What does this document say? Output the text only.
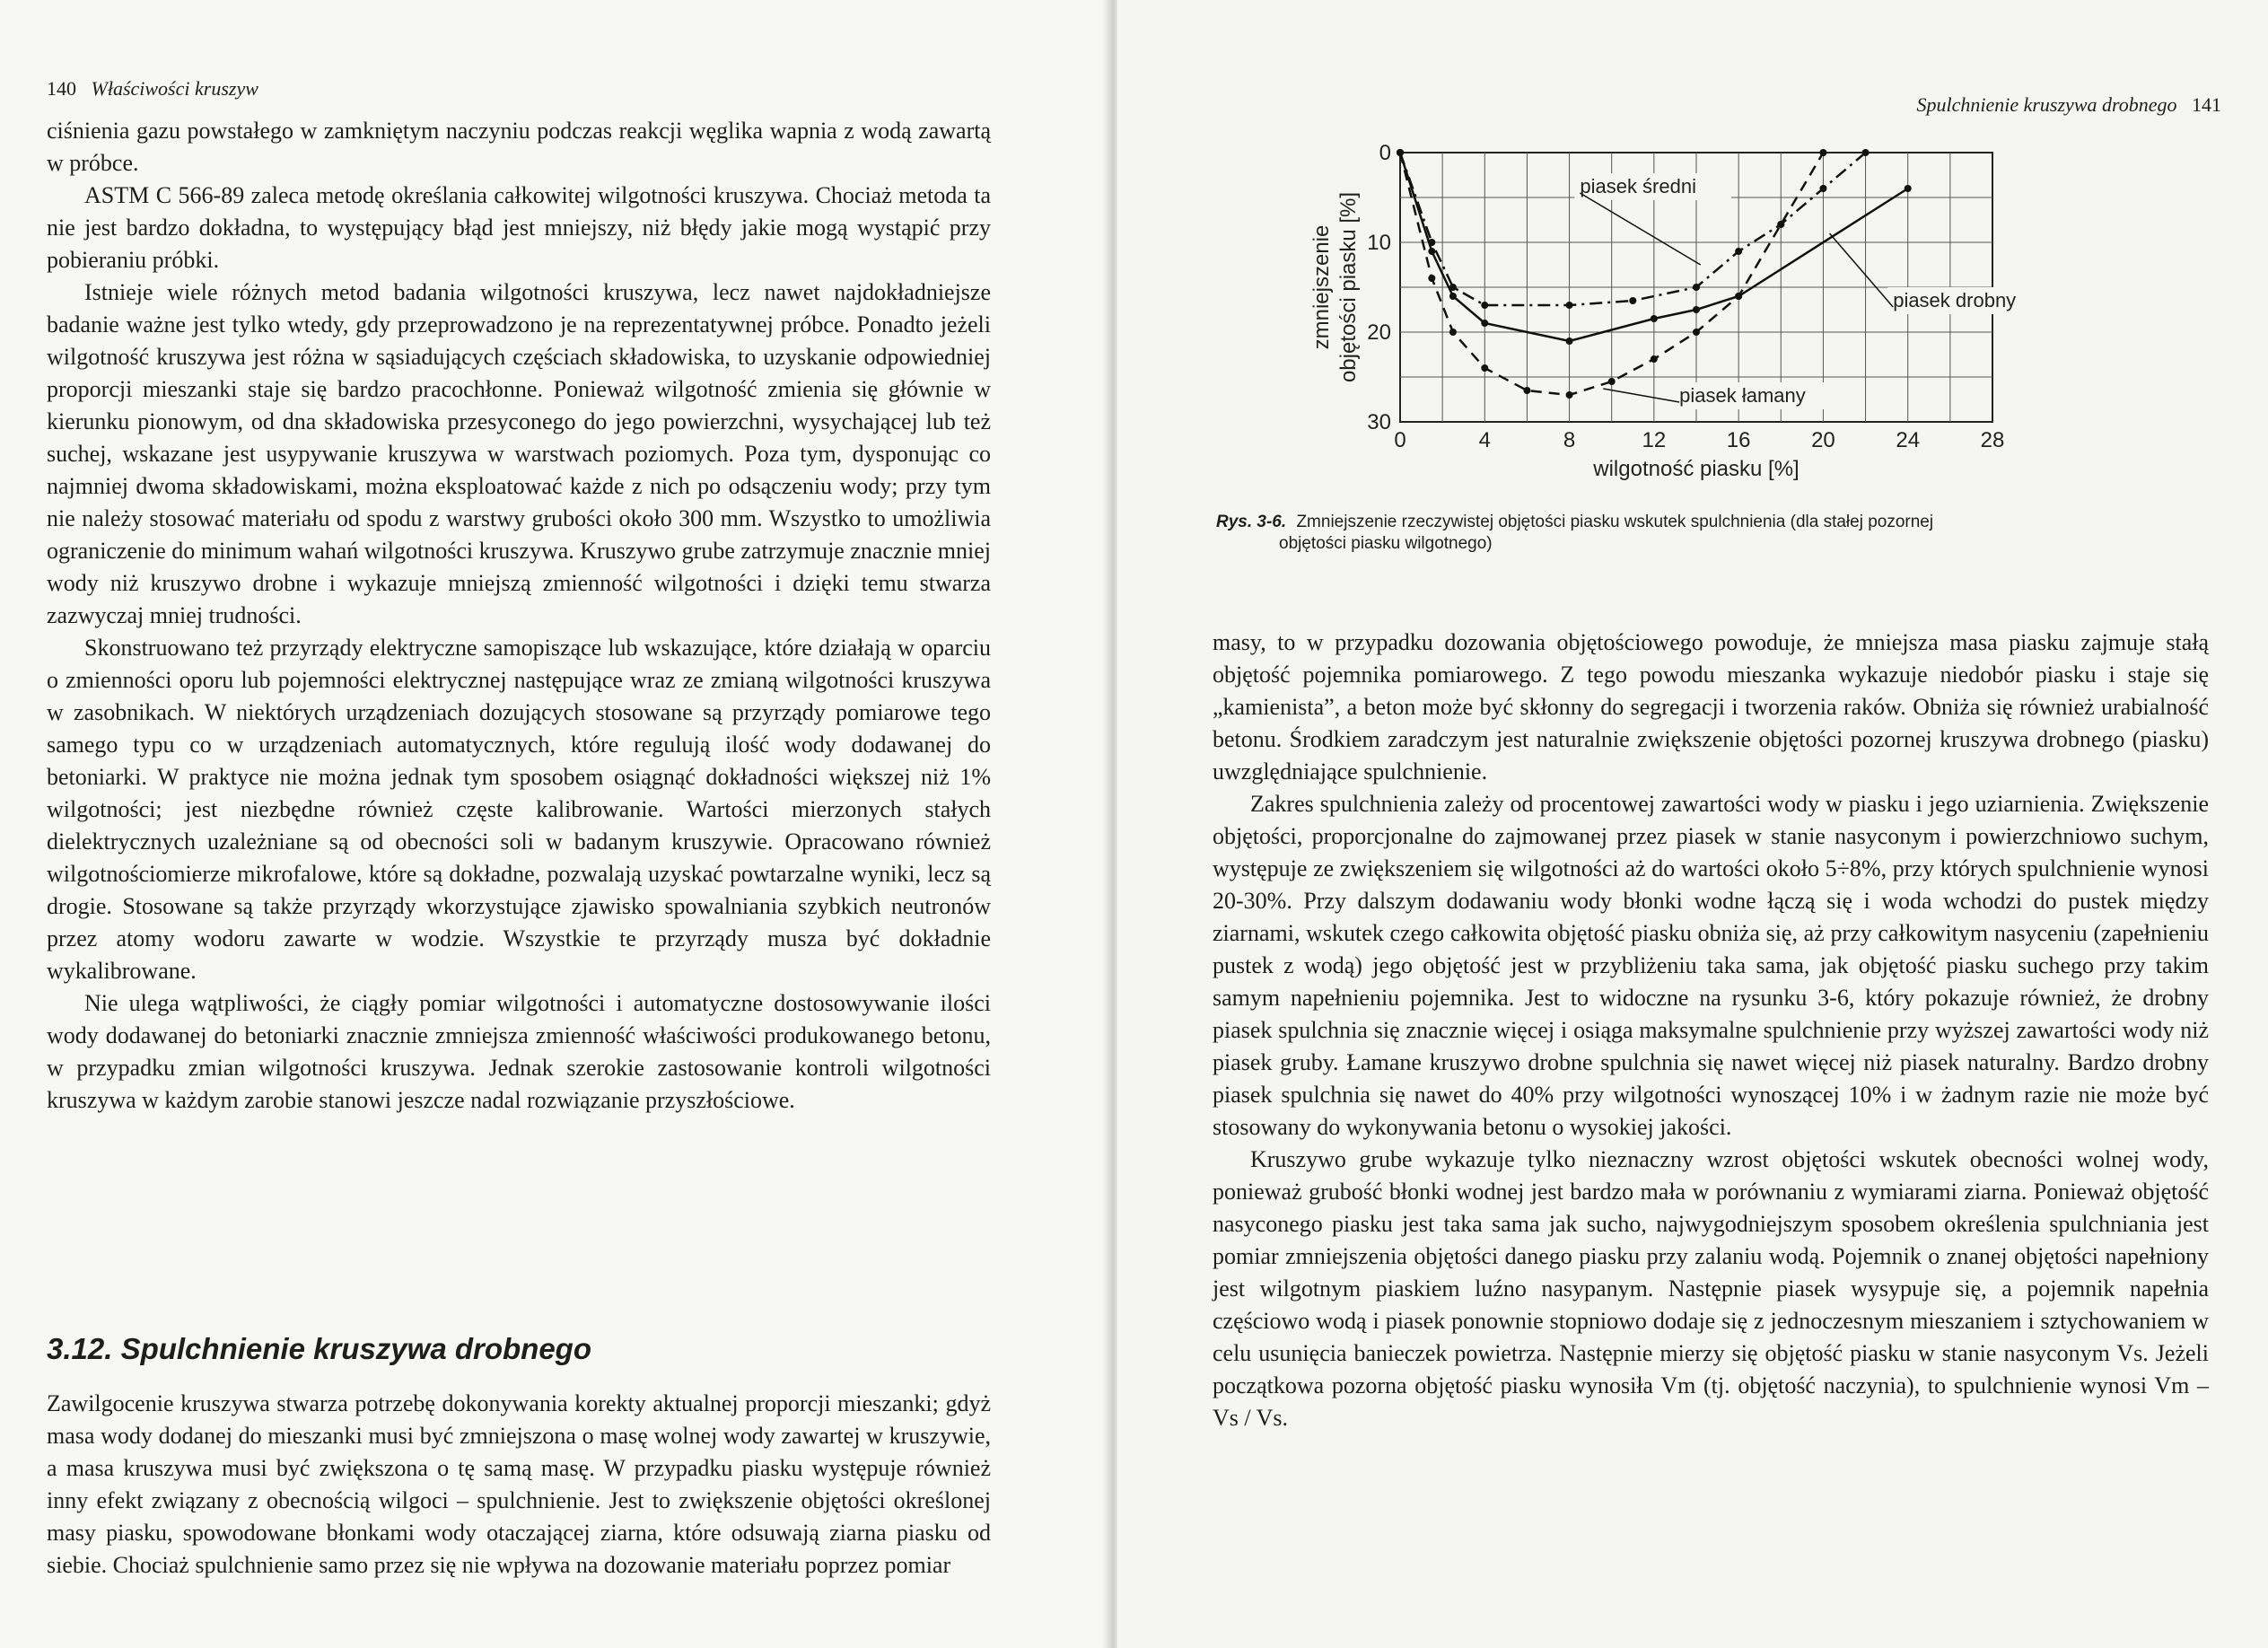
140 Właściwości kruszyw

ciśnienia gazu powstałego w zamkniętym naczyniu podczas reakcji węglika wapnia z wodą zawartą w próbce.

ASTM C 566-89 zaleca metodę określania całkowitej wilgotności kruszywa. Chociaż metoda ta nie jest bardzo dokładna, to występujący błąd jest mniejszy, niż błędy jakie mogą wystąpić przy pobieraniu próbki.

Istnieje wiele różnych metod badania wilgotności kruszywa, lecz nawet najdokładniejsze badanie ważne jest tylko wtedy, gdy przeprowadzono je na reprezentatywnej próbce. Ponadto jeżeli wilgotność kruszywa jest różna w sąsiadujących częściach składowiska, to uzyskanie odpowiedniej proporcji mieszanki staje się bardzo pracochłonne. Ponieważ wilgotność zmienia się głównie w kierunku pionowym, od dna składowiska przesyconego do jego powierzchni, wysychającej lub też suchej, wskazane jest usypywanie kruszywa w warstwach poziomych. Poza tym, dysponując co najmniej dwoma składowiskami, można eksploatować każde z nich po odsączeniu wody; przy tym nie należy stosować materiału od spodu z warstwy grubości około 300 mm. Wszystko to umożliwia ograniczenie do minimum wahań wilgotności kruszywa. Kruszywo grube zatrzymuje znacznie mniej wody niż kruszywo drobne i wykazuje mniejszą zmienność wilgotności i dzięki temu stwarza zazwyczaj mniej trudności.

Skonstruowano też przyrządy elektryczne samopiszące lub wskazujące, które działają w oparciu o zmienności oporu lub pojemności elektrycznej następujące wraz ze zmianą wilgotności kruszywa w zasobnikach. W niektórych urządzeniach dozujących stosowane są przyrządy pomiarowe tego samego typu co w urządzeniach automatycznych, które regulują ilość wody dodawanej do betoniarki. W praktyce nie można jednak tym sposobem osiągnąć dokładności większej niż 1% wilgotności; jest niezbędne również częste kalibrowanie. Wartości mierzonych stałych dielektrycznych uzależniane są od obecności soli w badanym kruszywie. Opracowano również wilgotnościomierze mikrofalowe, które są dokładne, pozwalają uzyskać powtarzalne wyniki, lecz są drogie. Stosowane są także przyrządy wkorzystujące zjawisko spowalniania szybkich neutronów przez atomy wodoru zawarte w wodzie. Wszystkie te przyrządy musza być dokładnie wykalibrowane.

Nie ulega wątpliwości, że ciągły pomiar wilgotności i automatyczne dostosowywanie ilości wody dodawanej do betoniarki znacznie zmniejsza zmienność właściwości produkowanego betonu, w przypadku zmian wilgotności kruszywa. Jednak szerokie zastosowanie kontroli wilgotności kruszywa w każdym zarobie stanowi jeszcze nadal rozwiązanie przyszłościowe.

3.12. Spulchnienie kruszywa drobnego

Zawilgocenie kruszywa stwarza potrzebę dokonywania korekty aktualnej proporcji mieszanki; gdyż masa wody dodanej do mieszanki musi być zmniejszona o masę wolnej wody zawartej w kruszywie, a masa kruszywa musi być zwiększona o tę samą masę. W przypadku piasku występuje również inny efekt związany z obecnością wilgoci – spulchnienie. Jest to zwiększenie objętości określonej masy piasku, spowodowane błonkami wody otaczającej ziarna, które odsuwają ziarna piasku od siebie. Chociaż spulchnienie samo przez się nie wpływa na dozowanie materiału poprzez pomiar

Spulchnienie kruszywa drobnego 141
Rys. 3-6. Zmniejszenie rzeczywistej objętości piasku wskutek spulchnienia (dla stałej pozornej
objętości piasku wilgotnego)

masy, to w przypadku dozowania objętościowego powoduje, że mniejsza masa piasku zajmuje stałą objętość pojemnika pomiarowego. Z tego powodu mieszanka wykazuje niedobór piasku i staje się „kamienista”, a beton może być skłonny do segregacji i tworzenia raków. Obniża się również urabialność betonu. Środkiem zaradczym jest naturalnie zwiększenie objętości pozornej kruszywa drobnego (piasku) uwzględniające spulchnienie.

Zakres spulchnienia zależy od procentowej zawartości wody w piasku i jego uziarnienia. Zwiększenie objętości, proporcjonalne do zajmowanej przez piasek w stanie nasyconym i powierzchniowo suchym, występuje ze zwiększeniem się wilgotności aż do wartości około 5÷8%, przy których spulchnienie wynosi 20-30%. Przy dalszym dodawaniu wody błonki wodne łączą się i woda wchodzi do pustek między ziarnami, wskutek czego całkowita objętość piasku obniża się, aż przy całkowitym nasyceniu (zapełnieniu pustek z wodą) jego objętość jest w przybliżeniu taka sama, jak objętość piasku suchego przy takim samym napełnieniu pojemnika. Jest to widoczne na rysunku 3-6, który pokazuje również, że drobny piasek spulchnia się znacznie więcej i osiąga maksymalne spulchnienie przy wyższej zawartości wody niż piasek gruby. Łamane kruszywo drobne spulchnia się nawet więcej niż piasek naturalny. Bardzo drobny piasek spulchnia się nawet do 40% przy wilgotności wynoszącej 10% i w żadnym razie nie może być stosowany do wykonywania betonu o wysokiej jakości.

Kruszywo grube wykazuje tylko nieznaczny wzrost objętości wskutek obecności wolnej wody, ponieważ grubość błonki wodnej jest bardzo mała w porównaniu z wymiarami ziarna. Ponieważ objętość nasyconego piasku jest taka sama jak sucho, najwygodniejszym sposobem określenia spulchniania jest pomiar zmniejszenia objętości danego piasku przy zalaniu wodą. Pojemnik o znanej objętości napełniony jest wilgotnym piaskiem luźno nasypanym. Następnie piasek wysypuje się, a pojemnik napełnia częściowo wodą i piasek ponownie stopniowo dodaje się z jednoczesnym mieszaniem i sztychowaniem w celu usunięcia banieczek powietrza. Następnie mierzy się objętość piasku w stanie nasyconym Vs. Jeżeli początkowa pozorna objętość piasku wynosiła Vm (tj. objętość naczynia), to spulchnienie wynosi Vm – Vs / Vs.

0	4	8	12	16	20	24	28
0
10
20
30
wilgotność piasku [%]
zmniejszenie objętości piasku [%]
piasek średni
piasek drobny
piasek łamany
